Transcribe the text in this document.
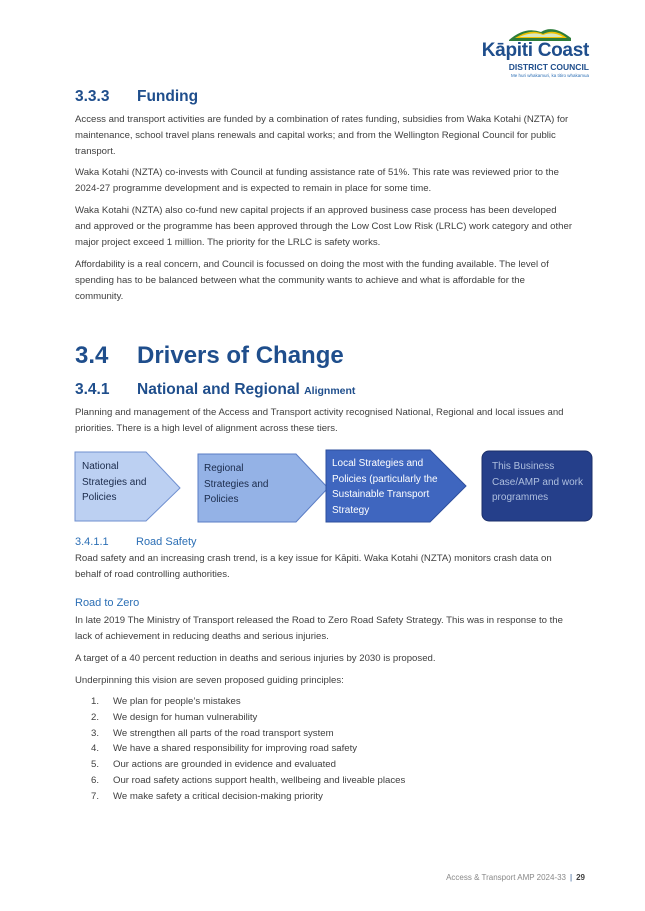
Kāpiti Coast
DISTRICT COUNCIL
Me huri whakamuri, ka titiro whakamua
3.3.3 Funding

Access and transport activities are funded by a combination of rates funding, subsidies from Waka Kotahi (NZTA) for maintenance, school travel plans renewals and capital works; and from the Wellington Regional Council for public transport.

Waka Kotahi (NZTA) co-invests with Council at funding assistance rate of 51%. This rate was reviewed prior to the 2024-27 programme development and is expected to remain in place for some time.

Waka Kotahi (NZTA) also co-fund new capital projects if an approved business case process has been developed and approved or the programme has been approved through the Low Cost Low Risk (LRLC) work category and other major project exceed 1 million. The priority for the LRLC is safety works.

Affordability is a real concern, and Council is focussed on doing the most with the funding available. The level of spending has to be balanced between what the community wants to achieve and what is affordable for the community.

3.4 Drivers of Change
3.4.1 National and Regional Alignment

Planning and management of the Access and Transport activity recognised National, Regional and local issues and priorities. There is a high level of alignment across these tiers.

National Strategies and Policies
Regional Strategies and Policies
Local Strategies and Policies (particularly the Sustainable Transport Strategy
This Business Case/AMP and work programmes
3.4.1.1 Road Safety

Road safety and an increasing crash trend, is a key issue for Kāpiti. Waka Kotahi (NZTA) monitors crash data on behalf of road controlling authorities.

Road to Zero

In late 2019 The Ministry of Transport released the Road to Zero Road Safety Strategy. This was in response to the lack of achievement in reducing deaths and serious injuries.

A target of a 40 percent reduction in deaths and serious injuries by 2030 is proposed.

Underpinning this vision are seven proposed guiding principles:

1. We plan for people’s mistakes
2. We design for human vulnerability
3. We strengthen all parts of the road transport system
4. We have a shared responsibility for improving road safety
5. Our actions are grounded in evidence and evaluated
6. Our road safety actions support health, wellbeing and liveable places
7. We make safety a critical decision-making priority
Access & Transport AMP 2024-33 | 29
